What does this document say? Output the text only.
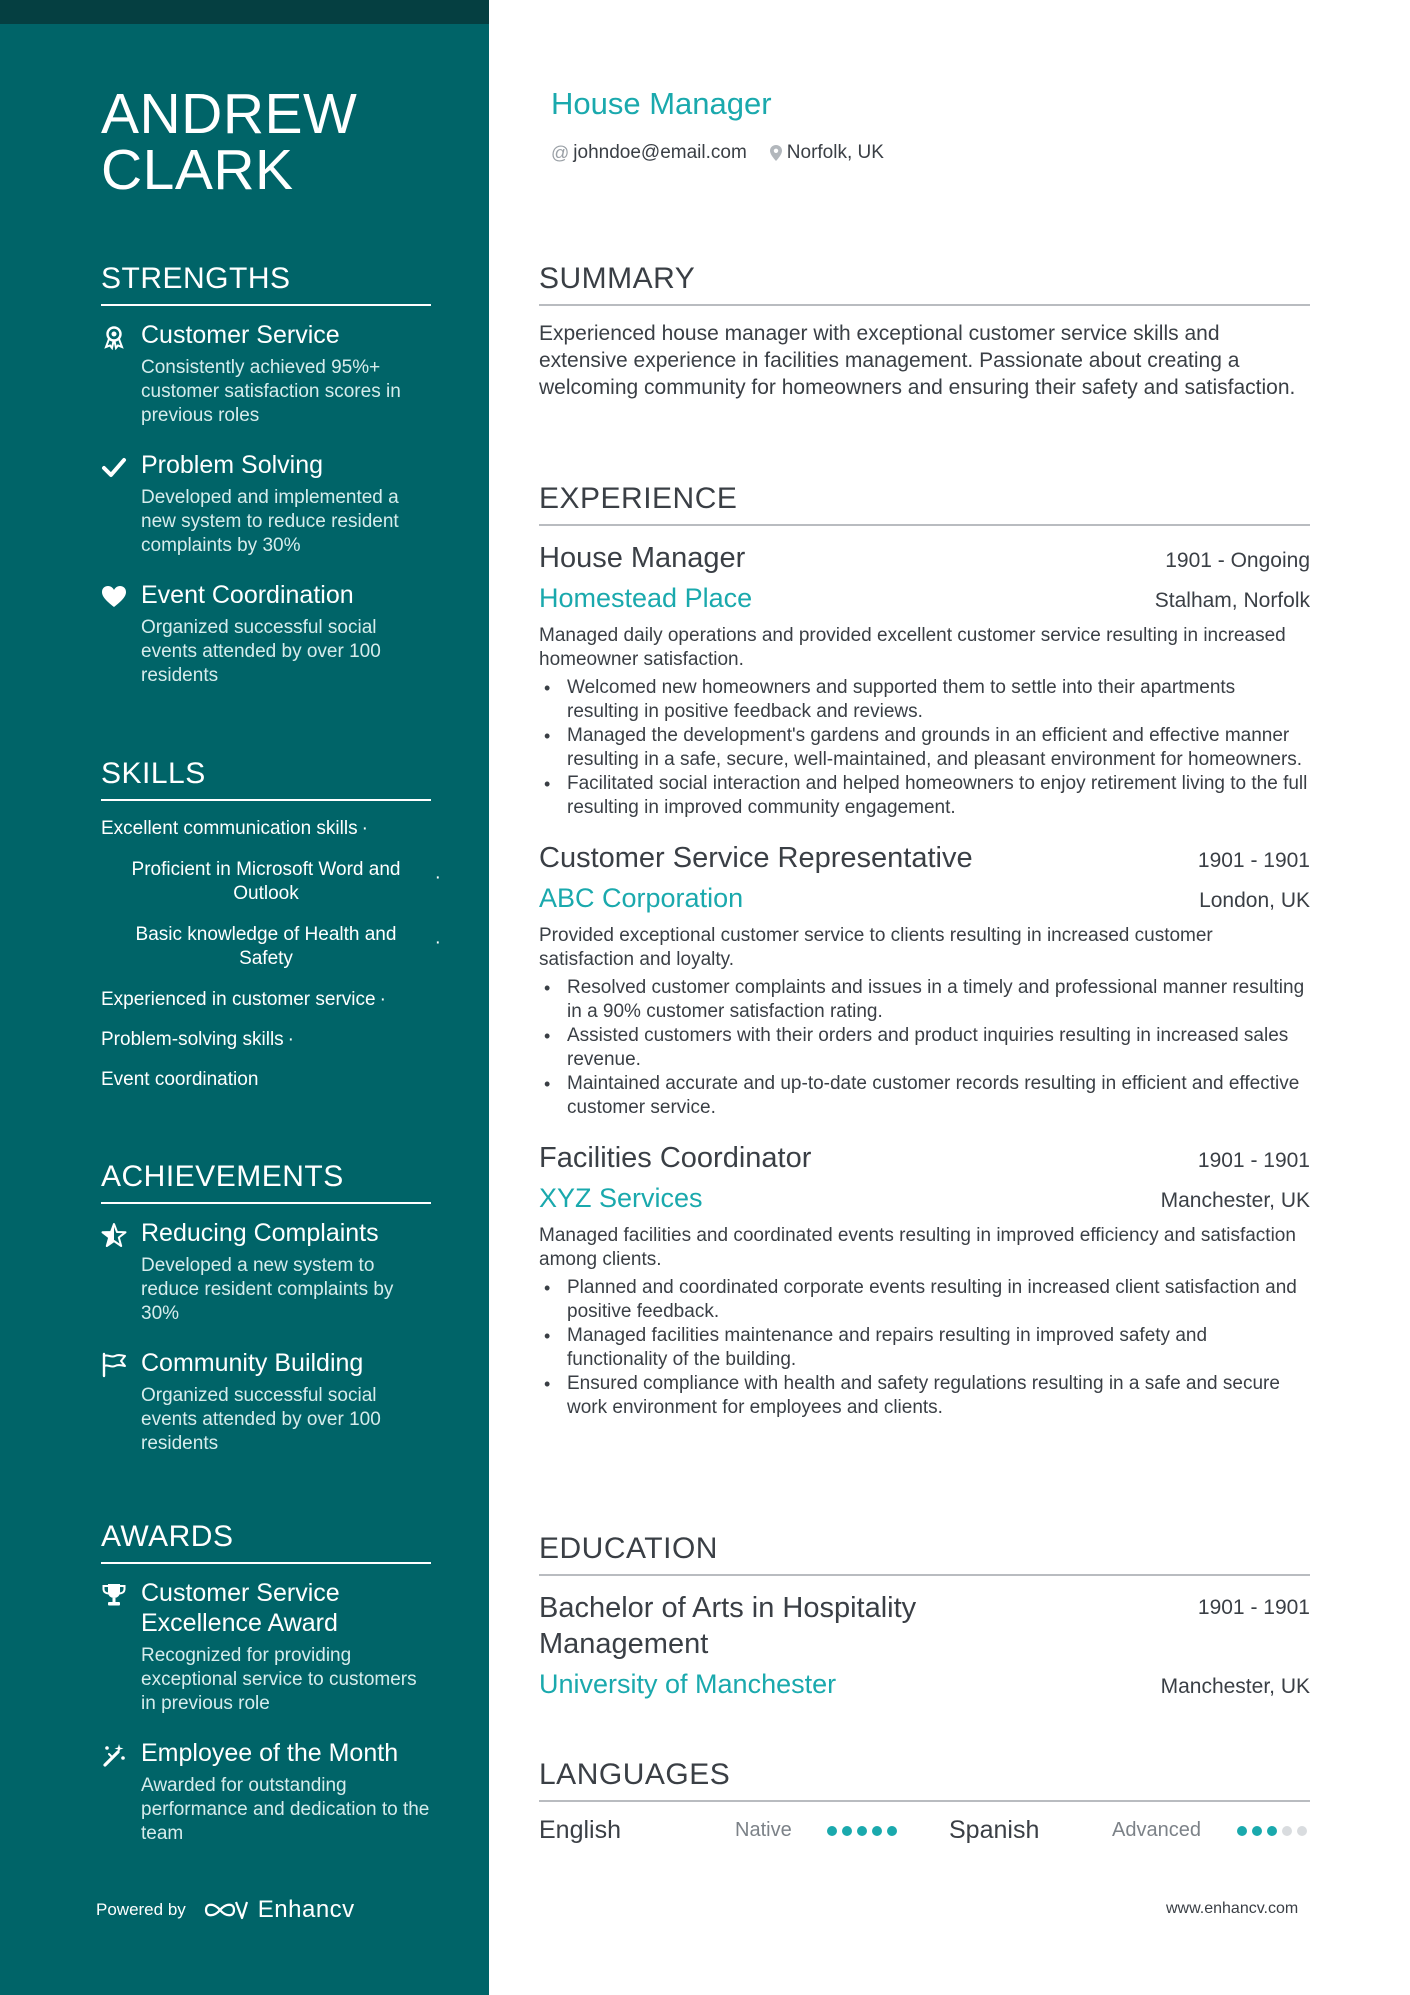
ANDREW
CLARK
STRENGTHS
Customer Service
Consistently achieved 95%+ customer satisfaction scores in previous roles
Problem Solving
Developed and implemented a new system to reduce resident complaints by 30%
Event Coordination
Organized successful social events attended by over 100 residents
SKILLS
Excellent communication skills ·
Proficient in Microsoft Word and Outlook
·
Basic knowledge of Health and Safety
·
Experienced in customer service ·
Problem-solving skills ·
Event coordination
ACHIEVEMENTS
Reducing Complaints
Developed a new system to reduce resident complaints by 30%
Community Building
Organized successful social events attended by over 100 residents
AWARDS
Customer Service Excellence Award
Recognized for providing exceptional service to customers in previous role
Employee of the Month
Awarded for outstanding performance and dedication to the team
Powered by	Enhancv
House Manager
@ johndoe@email.com Norfolk, UK
SUMMARY

Experienced house manager with exceptional customer service skills and extensive experience in facilities management. Passionate about creating a welcoming community for homeowners and ensuring their safety and satisfaction.

EXPERIENCE
House Manager	1901 - Ongoing
Homestead Place	Stalham, Norfolk
Managed daily operations and provided excellent customer service resulting in increased homeowner satisfaction.
• Welcomed new homeowners and supported them to settle into their apartments resulting in positive feedback and reviews.
• Managed the development's gardens and grounds in an efficient and effective manner resulting in a safe, secure, well-maintained, and pleasant environment for homeowners.
• Facilitated social interaction and helped homeowners to enjoy retirement living to the full resulting in improved community engagement.
Customer Service Representative	1901 - 1901
ABC Corporation	London, UK
Provided exceptional customer service to clients resulting in increased customer satisfaction and loyalty.
• Resolved customer complaints and issues in a timely and professional manner resulting in a 90% customer satisfaction rating.
• Assisted customers with their orders and product inquiries resulting in increased sales revenue.
• Maintained accurate and up-to-date customer records resulting in efficient and effective customer service.
Facilities Coordinator	1901 - 1901
XYZ Services	Manchester, UK
Managed facilities and coordinated events resulting in improved efficiency and satisfaction among clients.
• Planned and coordinated corporate events resulting in increased client satisfaction and positive feedback.
• Managed facilities maintenance and repairs resulting in improved safety and functionality of the building.
• Ensured compliance with health and safety regulations resulting in a safe and secure work environment for employees and clients.
EDUCATION
Bachelor of Arts in Hospitality Management
1901 - 1901
University of Manchester	Manchester, UK
LANGUAGES
English	Native	Spanish	Advanced
www.enhancv.com
